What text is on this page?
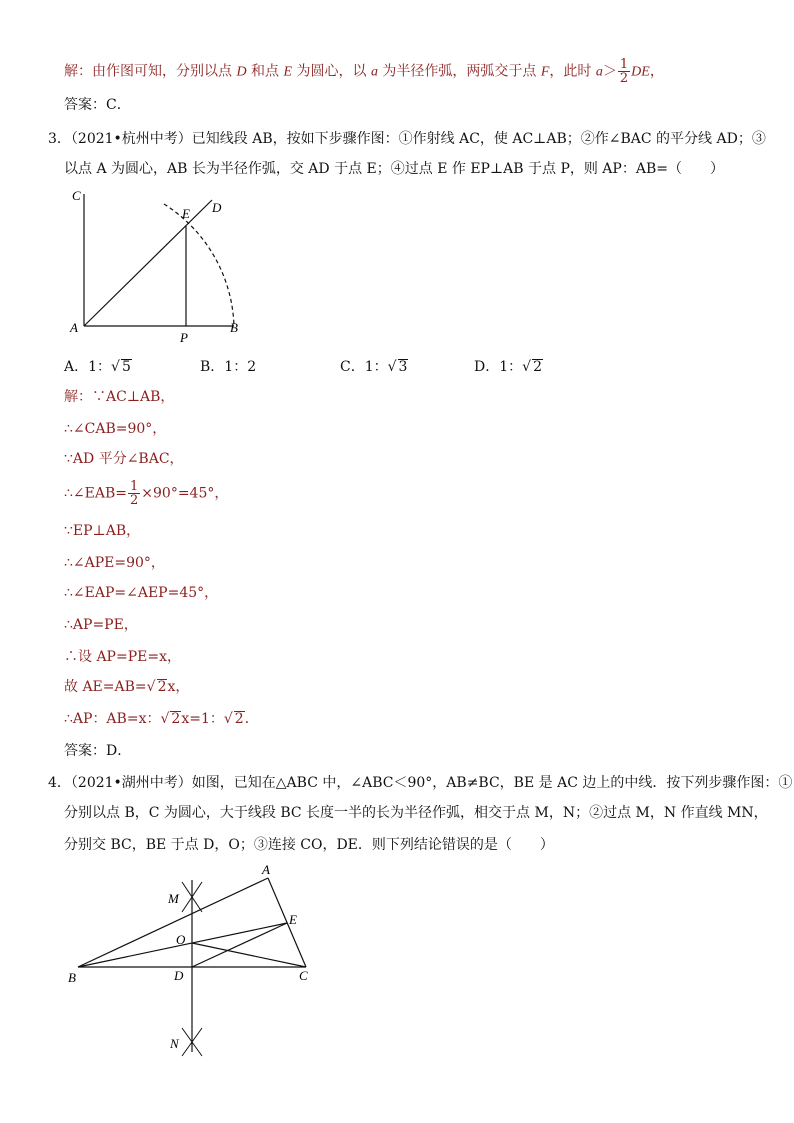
解：由作图可知，分别以点 D 和点 E 为圆心，以 a 为半径作弧，两弧交于点 F，此时 $a> \frac{1}{2}$ DE，
答案：C．
3．（2021•杭州中考）已知线段 AB，按如下步骤作图：①作射线 AC，使 AC⊥AB；②作∠BAC 的平分线 AD；③
以点 A 为圆心，AB 长为半径作弧，交 AD 于点 E；④过点 E 作 EP⊥AB 于点 P，则 AP：AB=（　　）
C
E D
A
P
B
A．1：√ 5	B．1：2	C．1：√ 3	D．1：√ 2
解：∵AC⊥AB，
∴∠CAB=90°，
∵AD 平分∠BAC，
∴∠EAB= $\frac{1}{2} \times 90^\circ=45^\circ$，
∵EP⊥AB，
∴∠APE=90°，
∴∠EAP=∠AEP=45°，
∴AP=PE，
∴设 AP=PE=x，
故 AE=AB=√ 2x，
∴AP：AB=x：√ 2x=1：√ 2．
答案：D．
4．（2021•湖州中考）如图，已知在△ABC 中，∠ABC＜90°，AB≠BC，BE 是 AC 边上的中线．按下列步骤作图：①
分别以点 B，C 为圆心，大于线段 BC 长度一半的长为半径作弧，相交于点 M，N；②过点 M，N 作直线 MN，
分别交 BC，BE 于点 D，O；③连接 CO，DE．则下列结论错误的是（　　）
A
M
E
O
B	D	C
N
